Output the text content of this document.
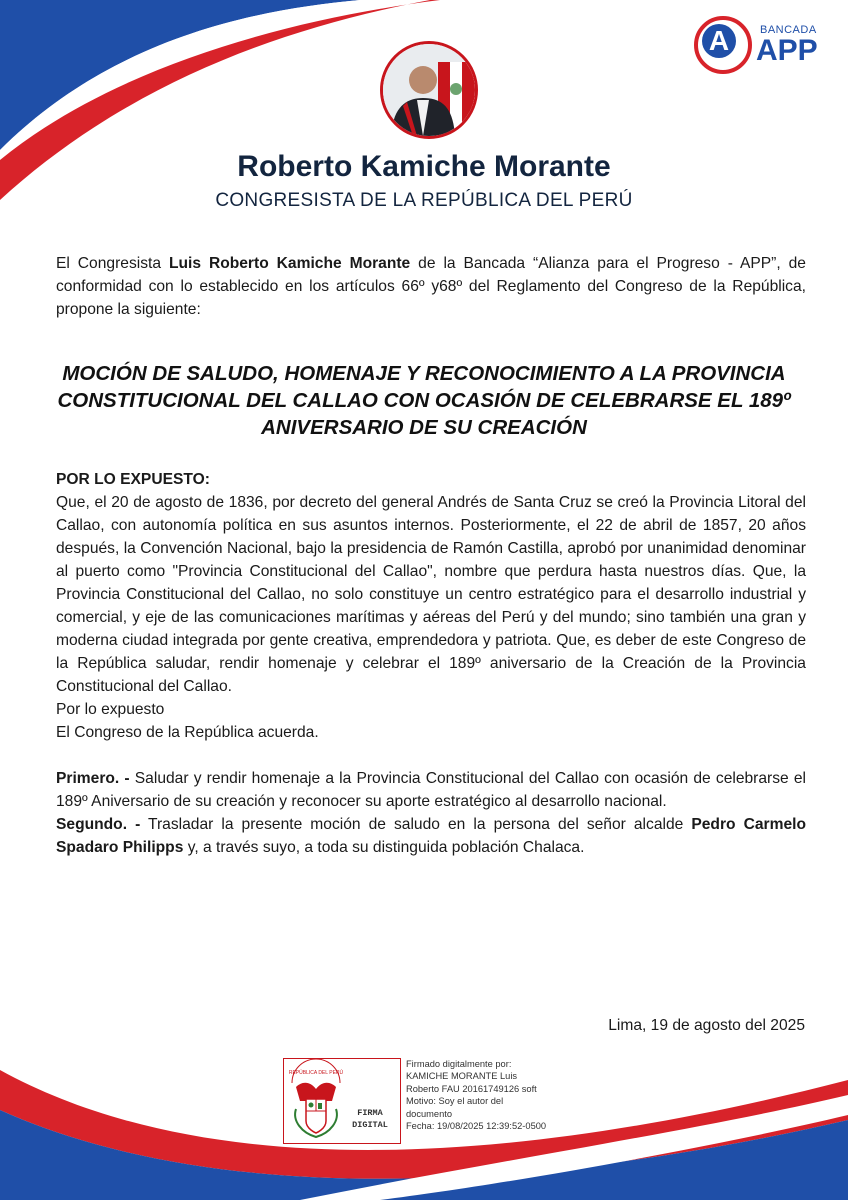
A	BANCADA
APP
Roberto Kamiche Morante
CONGRESISTA DE LA REPÚBLICA DEL PERÚ
El Congresista Luis Roberto Kamiche Morante de la Bancada “Alianza para el Progreso - APP”, de conformidad con lo establecido en los artículos 66º y68º del Reglamento del Congreso de la República, propone la siguiente:
MOCIÓN DE SALUDO, HOMENAJE Y RECONOCIMIENTO A LA PROVINCIA CONSTITUCIONAL DEL CALLAO CON OCASIÓN DE CELEBRARSE EL 189º ANIVERSARIO DE SU CREACIÓN

POR LO EXPUESTO:

Que, el 20 de agosto de 1836, por decreto del general Andrés de Santa Cruz se creó la Provincia Litoral del Callao, con autonomía política en sus asuntos internos. Posteriormente, el 22 de abril de 1857, 20 años después, la Convención Nacional, bajo la presidencia de Ramón Castilla, aprobó por unanimidad denominar al puerto como "Provincia Constitucional del Callao", nombre que perdura hasta nuestros días. Que, la Provincia Constitucional del Callao, no solo constituye un centro estratégico para el desarrollo industrial y comercial, y eje de las comunicaciones marítimas y aéreas del Perú y del mundo; sino también una gran y moderna ciudad integrada por gente creativa, emprendedora y patriota. Que, es deber de este Congreso de la República saludar, rendir homenaje y celebrar el 189º aniversario de la Creación de la Provincia Constitucional del Callao.

Por lo expuesto

El Congreso de la República acuerda.

Primero. - Saludar y rendir homenaje a la Provincia Constitucional del Callao con ocasión de celebrarse el 189º Aniversario de su creación y reconocer su aporte estratégico al desarrollo nacional.

Segundo. - Trasladar la presente moción de saludo en la persona del señor alcalde Pedro Carmelo Spadaro Philipps y, a través suyo, a toda su distinguida población Chalaca.

Lima, 19 de agosto del 2025
REPÚBLICA DEL PERÚ
FIRMA
DIGITAL
Firmado digitalmente por:
KAMICHE MORANTE Luis
Roberto FAU 20161749126 soft
Motivo: Soy el autor del
documento
Fecha: 19/08/2025 12:39:52-0500
